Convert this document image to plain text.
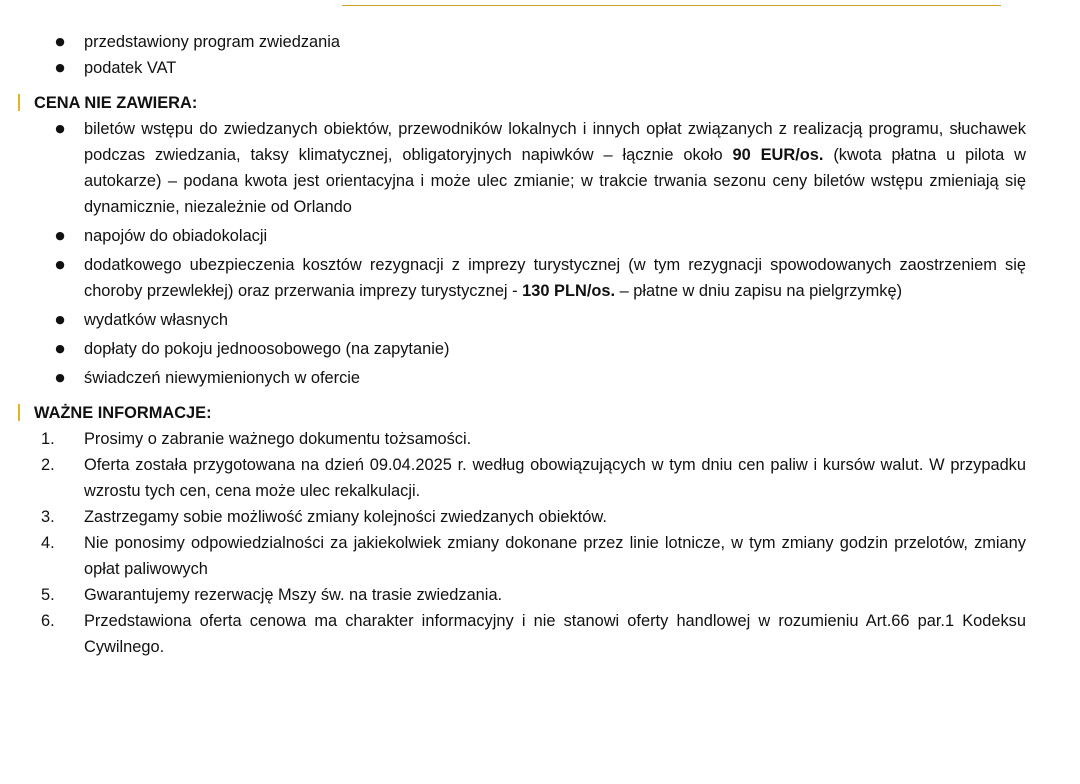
● przedstawiony program zwiedzania
● podatek VAT
CENA NIE ZAWIERA:
● biletów wstępu do zwiedzanych obiektów, przewodników lokalnych i innych opłat związanych z realizacją programu, słuchawek podczas zwiedzania, taksy klimatycznej, obligatoryjnych napiwków – łącznie około 90 EUR/os. (kwota płatna u pilota w autokarze) – podana kwota jest orientacyjna i może ulec zmianie; w trakcie trwania sezonu ceny biletów wstępu zmieniają się dynamicznie, niezależnie od Orlando
● napojów do obiadokolacji
● dodatkowego ubezpieczenia kosztów rezygnacji z imprezy turystycznej (w tym rezygnacji spowodowanych zaostrzeniem się choroby przewlekłej) oraz przerwania imprezy turystycznej - 130 PLN/os. – płatne w dniu zapisu na pielgrzymkę)
● wydatków własnych
● dopłaty do pokoju jednoosobowego (na zapytanie)
● świadczeń niewymienionych w ofercie
WAŻNE INFORMACJE:
1. Prosimy o zabranie ważnego dokumentu tożsamości.
2. Oferta została przygotowana na dzień 09.04.2025 r. według obowiązujących w tym dniu cen paliw i kursów walut. W przypadku wzrostu tych cen, cena może ulec rekalkulacji.
3. Zastrzegamy sobie możliwość zmiany kolejności zwiedzanych obiektów.
4. Nie ponosimy odpowiedzialności za jakiekolwiek zmiany dokonane przez linie lotnicze, w tym zmiany godzin przelotów, zmiany opłat paliwowych
5. Gwarantujemy rezerwację Mszy św. na trasie zwiedzania.
6. Przedstawiona oferta cenowa ma charakter informacyjny i nie stanowi oferty handlowej w rozumieniu Art.66 par.1 Kodeksu Cywilnego.
